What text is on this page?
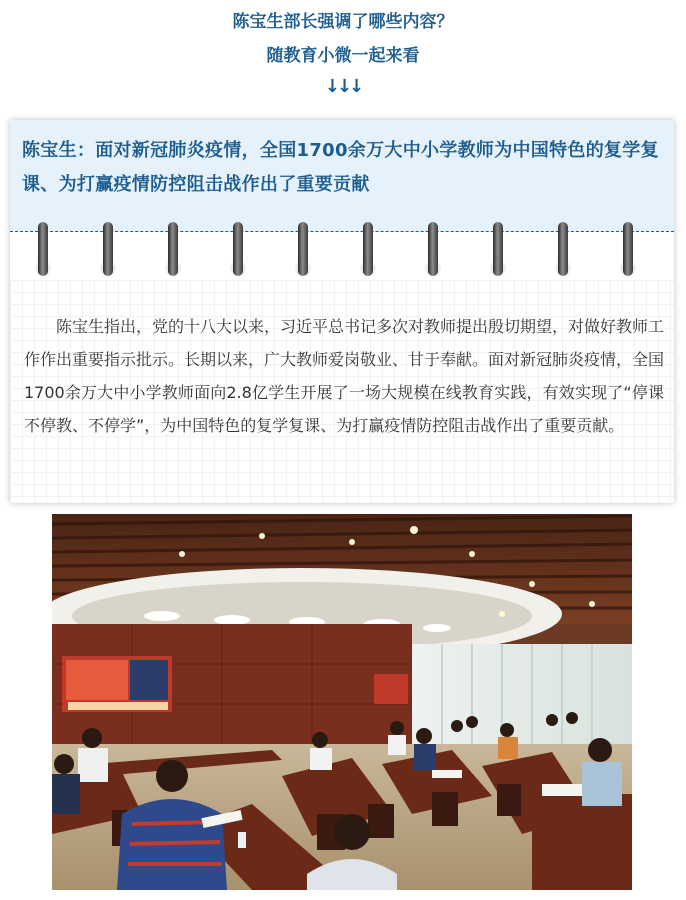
陈宝生部长强调了哪些内容？
随教育小微一起来看
↓↓↓
陈宝生：面对新冠肺炎疫情，全国1700余万大中小学教师为中国特色的复学复课、为打赢疫情防控阻击战作出了重要贡献
陈宝生指出，党的十八大以来，习近平总书记多次对教师提出殷切期望，对做好教师工作作出重要指示批示。长期以来，广大教师爱岗敬业、甘于奉献。面对新冠肺炎疫情，全国1700余万大中小学教师面向2.8亿学生开展了一场大规模在线教育实践，有效实现了“停课不停教、不停学”，为中国特色的复学复课、为打赢疫情防控阻击战作出了重要贡献。
